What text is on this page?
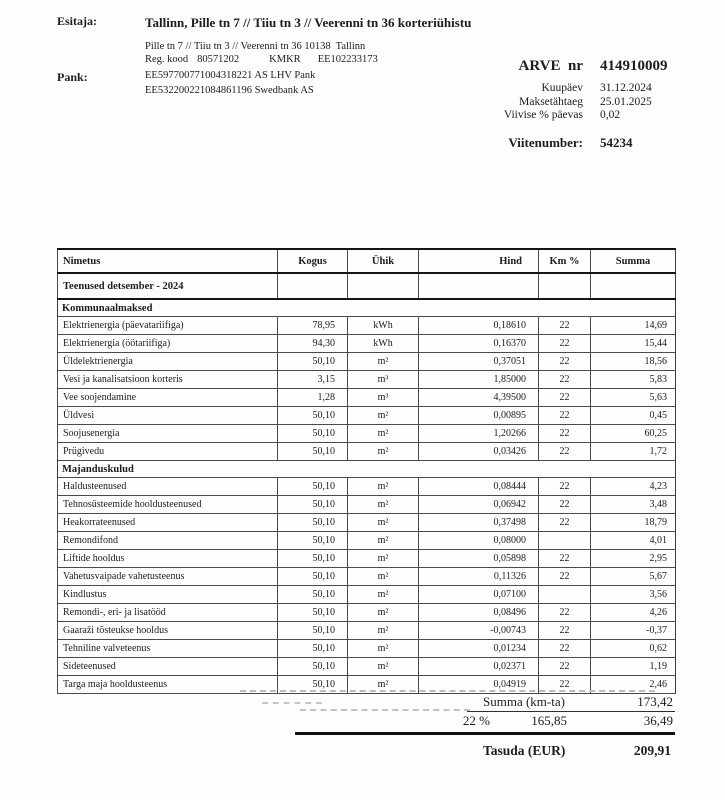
Esitaja:	Tallinn, Pille tn 7 // Tiiu tn 3 // Veerenni tn 36 korteriühistu
Pille tn 7 // Tiiu tn 3 // Veerenni tn 36 10138  Tallinn
Reg. kood 80571202	KMKR EE102233173
Pank:	EE597700771004318221 AS LHV Pank
EE532200221084861196 Swedbank AS
ARVE  nr 414910009
Kuupäev 31.12.2024
Maksetähtaeg 25.01.2025
Viivise % päevas 0,02
Viitenumber: 54234
Nimetus	Kogus	Ühik	Hind	Km %	Summa
Teenused detsember - 2024					
Kommunaalmaksed					
Elektrienergia (päevatariifiga)	78,95	kWh	0,18610	22	14,69
Elektrienergia (öötariifiga)	94,30	kWh	0,16370	22	15,44
Üldelektrienergia	50,10	m²	0,37051	22	18,56
Vesi ja kanalisatsioon korteris	3,15	m³	1,85000	22	5,83
Vee soojendamine	1,28	m³	4,39500	22	5,63
Üldvesi	50,10	m²	0,00895	22	0,45
Soojusenergia	50,10	m²	1,20266	22	60,25
Prügivedu	50,10	m²	0,03426	22	1,72
Majanduskulud					
Haldusteenused	50,10	m²	0,08444	22	4,23
Tehnosüsteemide hooldusteenused	50,10	m²	0,06942	22	3,48
Heakorrateenused	50,10	m²	0,37498	22	18,79
Remondifond	50,10	m²	0,08000		4,01
Liftide hooldus	50,10	m²	0,05898	22	2,95
Vahetusvaipade vahetusteenus	50,10	m²	0,11326	22	5,67
Kindlustus	50,10	m²	0,07100		3,56
Remondi-, eri- ja lisatööd	50,10	m²	0,08496	22	4,26
Gaaraži tõsteukse hooldus	50,10	m²	-0,00743	22	-0,37
Tehniline valveteenus	50,10	m²	0,01234	22	0,62
Sideteenused	50,10	m²	0,02371	22	1,19
Targa maja hooldusteenus	50,10	m²	0,04919	22	2,46
Summa (km-ta)	173,42
22 %	165,85	36,49
Tasuda (EUR)	209,91
